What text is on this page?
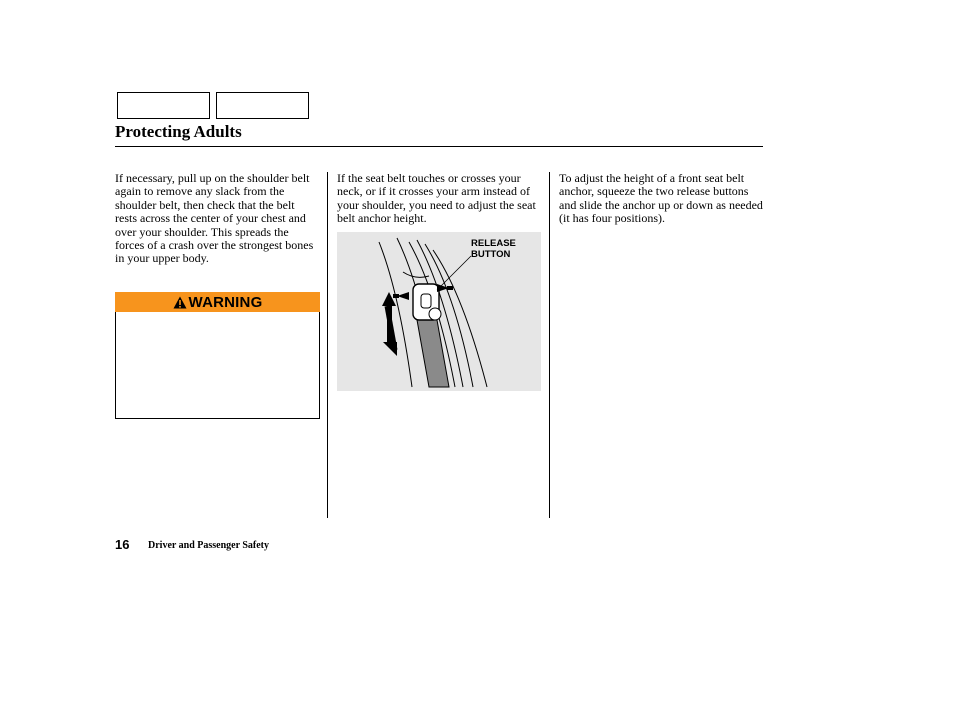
Protecting Adults
If necessary, pull up on the shoulder belt again to remove any slack from the shoulder belt, then check that the belt rests across the center of your chest and over your shoulder. This spreads the forces of a crash over the strongest bones in your upper body.
WARNING
If the seat belt touches or crosses your neck, or if it crosses your arm instead of your shoulder, you need to adjust the seat belt anchor height.
RELEASE
BUTTON
To adjust the height of a front seat belt anchor, squeeze the two release buttons and slide the anchor up or down as needed (it has four positions).
16 Driver and Passenger Safety
